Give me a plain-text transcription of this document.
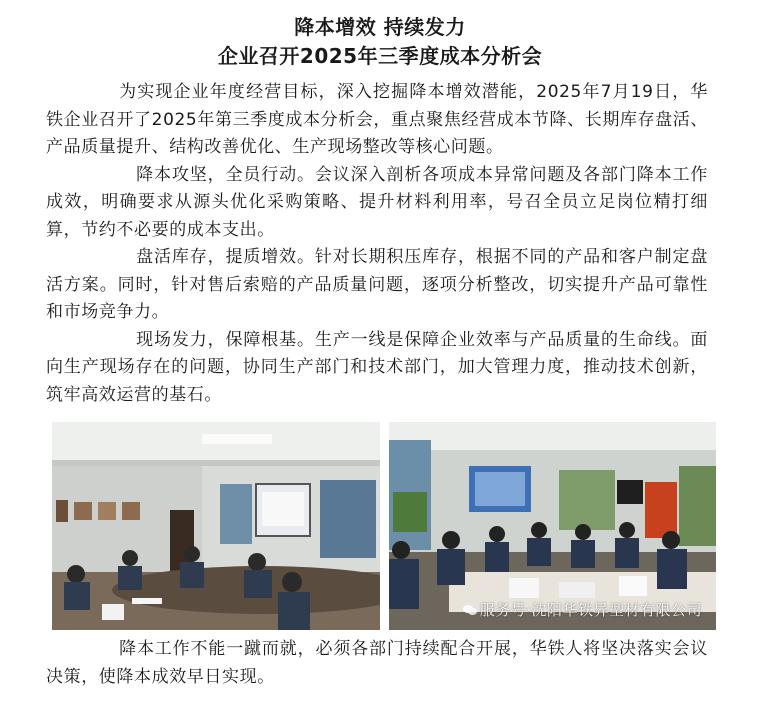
降本增效 持续发力
企业召开2025年三季度成本分析会

为实现企业年度经营目标，深入挖掘降本增效潜能，2025年7月19日，华铁企业召开了2025年第三季度成本分析会，重点聚焦经营成本节降、长期库存盘活、产品质量提升、结构改善优化、生产现场整改等核心问题。

降本攻坚，全员行动。会议深入剖析各项成本异常问题及各部门降本工作成效，明确要求从源头优化采购策略、提升材料利用率，号召全员立足岗位精打细算，节约不必要的成本支出。

盘活库存，提质增效。针对长期积压库存，根据不同的产品和客户制定盘活方案。同时，针对售后索赔的产品质量问题，逐项分析整改，切实提升产品可靠性和市场竞争力。

现场发力，保障根基。生产一线是保障企业效率与产品质量的生命线。面向生产现场存在的问题，协同生产部门和技术部门，加大管理力度，推动技术创新，筑牢高效运营的基石。

服务号·沈阳华铁异型材有限公司

降本工作不能一蹴而就，必须各部门持续配合开展，华铁人将坚决落实会议决策，使降本成效早日实现。
